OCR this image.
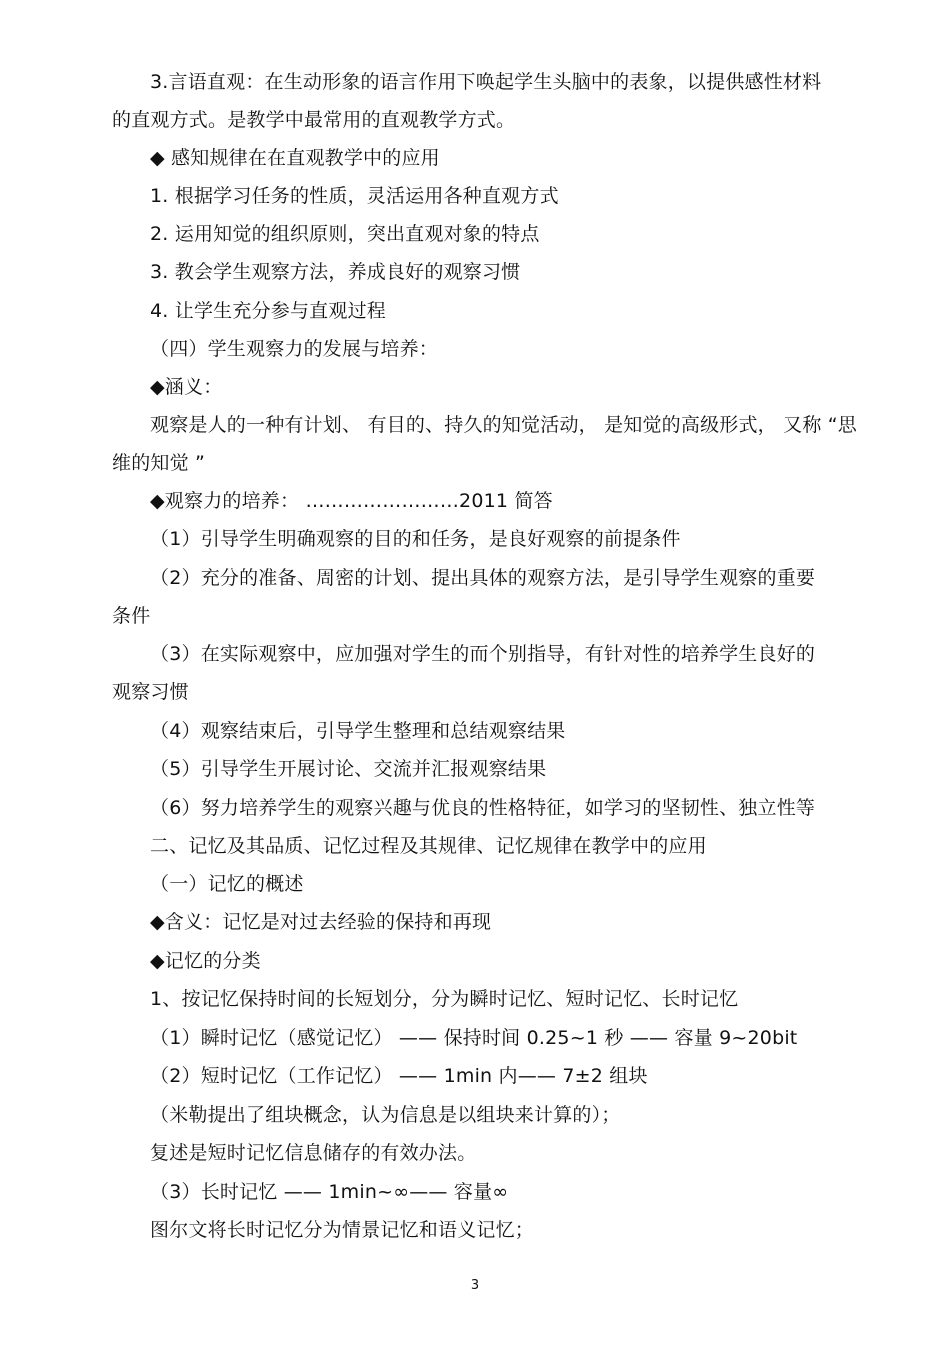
3.言语直观：在生动形象的语言作用下唤起学生头脑中的表象，以提供感性材料
的直观方式。是教学中最常用的直观教学方式。
◆ 感知规律在在直观教学中的应用
1. 根据学习任务的性质，灵活运用各种直观方式
2. 运用知觉的组织原则，突出直观对象的特点
3. 教会学生观察方法，养成良好的观察习惯
4. 让学生充分参与直观过程
（四）学生观察力的发展与培养：
◆涵义：
观察是人的一种有计划、 有目的、持久的知觉活动， 是知觉的高级形式， 又称 “思
维的知觉 ”
◆观察力的培养： ……………………2011 简答
（1）引导学生明确观察的目的和任务，是良好观察的前提条件
（2）充分的准备、周密的计划、提出具体的观察方法，是引导学生观察的重要
条件
（3）在实际观察中，应加强对学生的而个别指导，有针对性的培养学生良好的
观察习惯
（4）观察结束后，引导学生整理和总结观察结果
（5）引导学生开展讨论、交流并汇报观察结果
（6）努力培养学生的观察兴趣与优良的性格特征，如学习的坚韧性、独立性等
二、记忆及其品质、记忆过程及其规律、记忆规律在教学中的应用
（一）记忆的概述
◆含义：记忆是对过去经验的保持和再现
◆记忆的分类
1、按记忆保持时间的长短划分，分为瞬时记忆、短时记忆、长时记忆
（1）瞬时记忆（感觉记忆） —— 保持时间 0.25~1 秒 —— 容量 9~20bit
（2）短时记忆（工作记忆） —— 1min 内—— 7±2 组块
（米勒提出了组块概念，认为信息是以组块来计算的）；
复述是短时记忆信息储存的有效办法。
（3）长时记忆 —— 1min~∞—— 容量∞
图尔文将长时记忆分为情景记忆和语义记忆；
3
